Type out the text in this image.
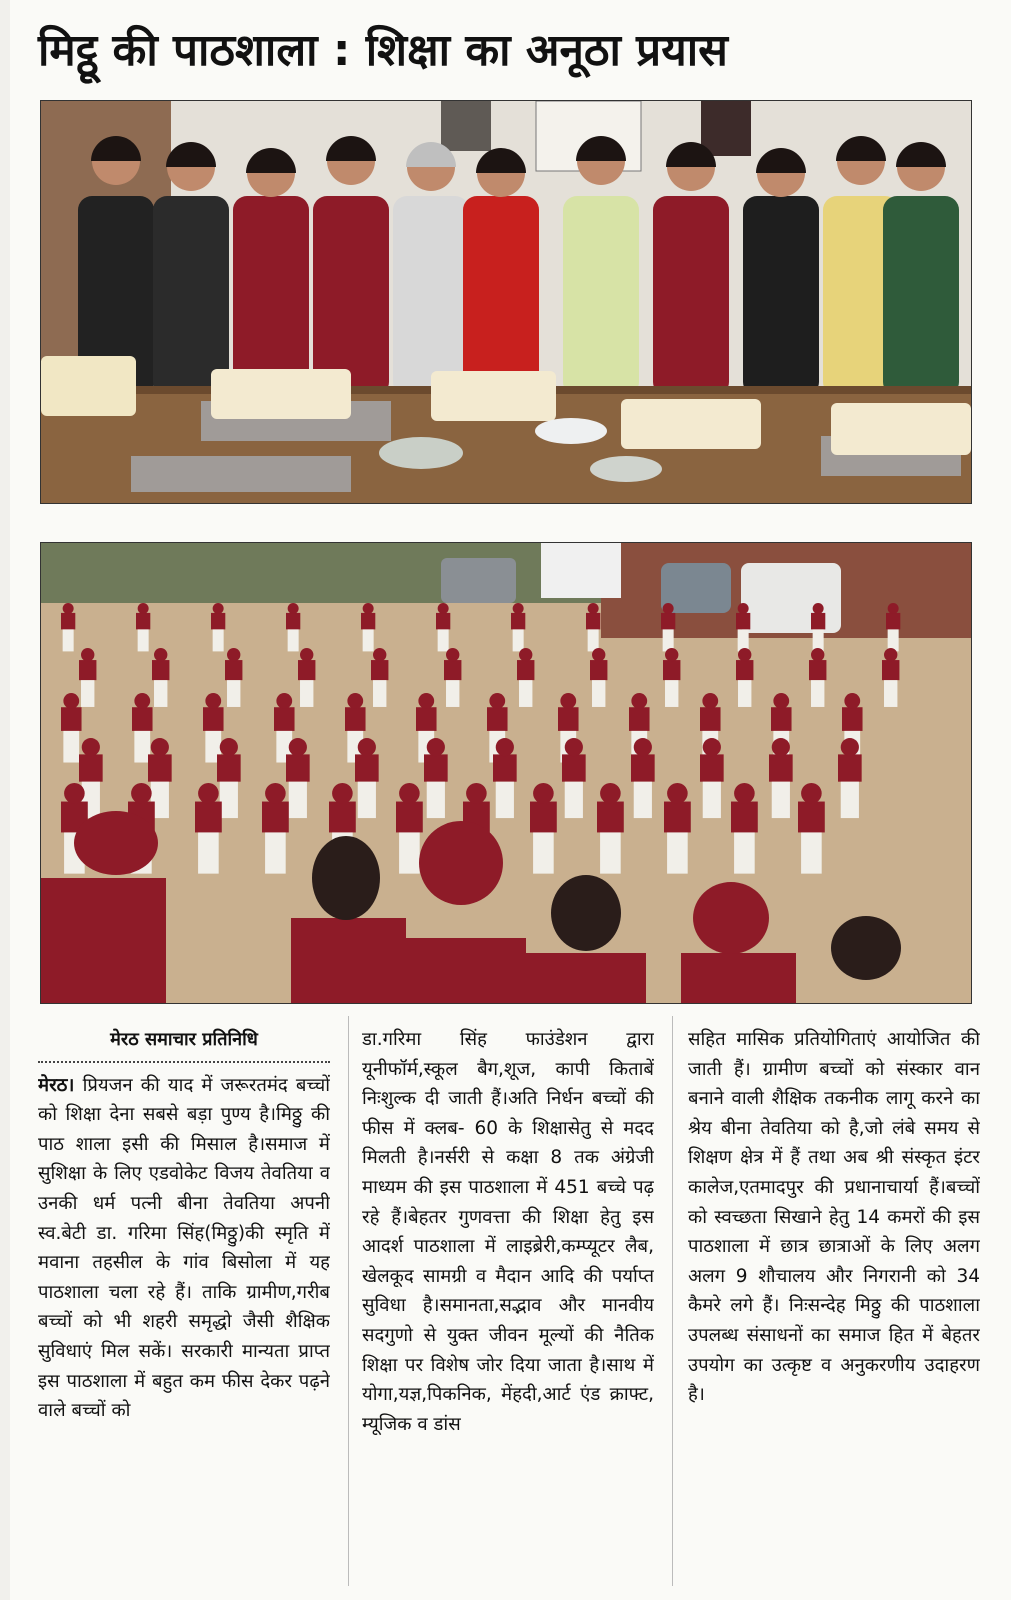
मिट्ठू की पाठशाला : शिक्षा का अनूठा प्रयास
मेरठ समाचार प्रतिनिधि
मेरठ। प्रियजन की याद में जरूरतमंद बच्चों को शिक्षा देना सबसे बड़ा पुण्य है।मिठ्ठु की पाठ शाला इसी की मिसाल है।समाज में सुशिक्षा के लिए एडवोकेट विजय तेवतिया व उनकी धर्म पत्नी बीना तेवतिया अपनी स्व.बेटी डा. गरिमा सिंह(मिठ्ठु)की स्मृति में मवाना तहसील के गांव बिसोला में यह पाठशाला चला रहे हैं। ताकि ग्रामीण,गरीब बच्चों को भी शहरी समृद्धो जैसी शैक्षिक सुविधाएं मिल सकें। सरकारी मान्यता प्राप्त इस पाठशाला में बहुत कम फीस देकर पढ़ने वाले बच्चों को
डा.गरिमा सिंह फाउंडेशन द्वारा यूनीफॉर्म,स्कूल बैग,शूज, कापी किताबें निःशुल्क दी जाती हैं।अति निर्धन बच्चों की फीस में क्लब- 60 के शिक्षासेतु से मदद मिलती है।नर्सरी से कक्षा 8 तक अंग्रेजी माध्यम की इस पाठशाला में 451 बच्चे पढ़ रहे हैं।बेहतर गुणवत्ता की शिक्षा हेतु इस आदर्श पाठशाला में लाइब्रेरी,कम्प्यूटर लैब, खेलकूद सामग्री व मैदान आदि की पर्याप्त सुविधा है।समानता,सद्भाव और मानवीय सदगुणो से युक्त जीवन मूल्यों की नैतिक शिक्षा पर विशेष जोर दिया जाता है।साथ में योगा,यज्ञ,पिकनिक, मेंहदी,आर्ट एंड क्राफ्ट, म्यूजिक व डांस
सहित मासिक प्रतियोगिताएं आयोजित की जाती हैं। ग्रामीण बच्चों को संस्कार वान बनाने वाली शैक्षिक तकनीक लागू करने का श्रेय बीना तेवतिया को है,जो लंबे समय से शिक्षण क्षेत्र में हैं तथा अब श्री संस्कृत इंटर कालेज,एतमादपुर की प्रधानाचार्या हैं।बच्चों को स्वच्छता सिखाने हेतु 14 कमरों की इस पाठशाला में छात्र छात्राओं के लिए अलग अलग 9 शौचालय और निगरानी को 34 कैमरे लगे हैं। निःसन्देह मिठ्ठु की पाठशाला उपलब्ध संसाधनों का समाज हित में बेहतर उपयोग का उत्कृष्ट व अनुकरणीय उदाहरण है।
